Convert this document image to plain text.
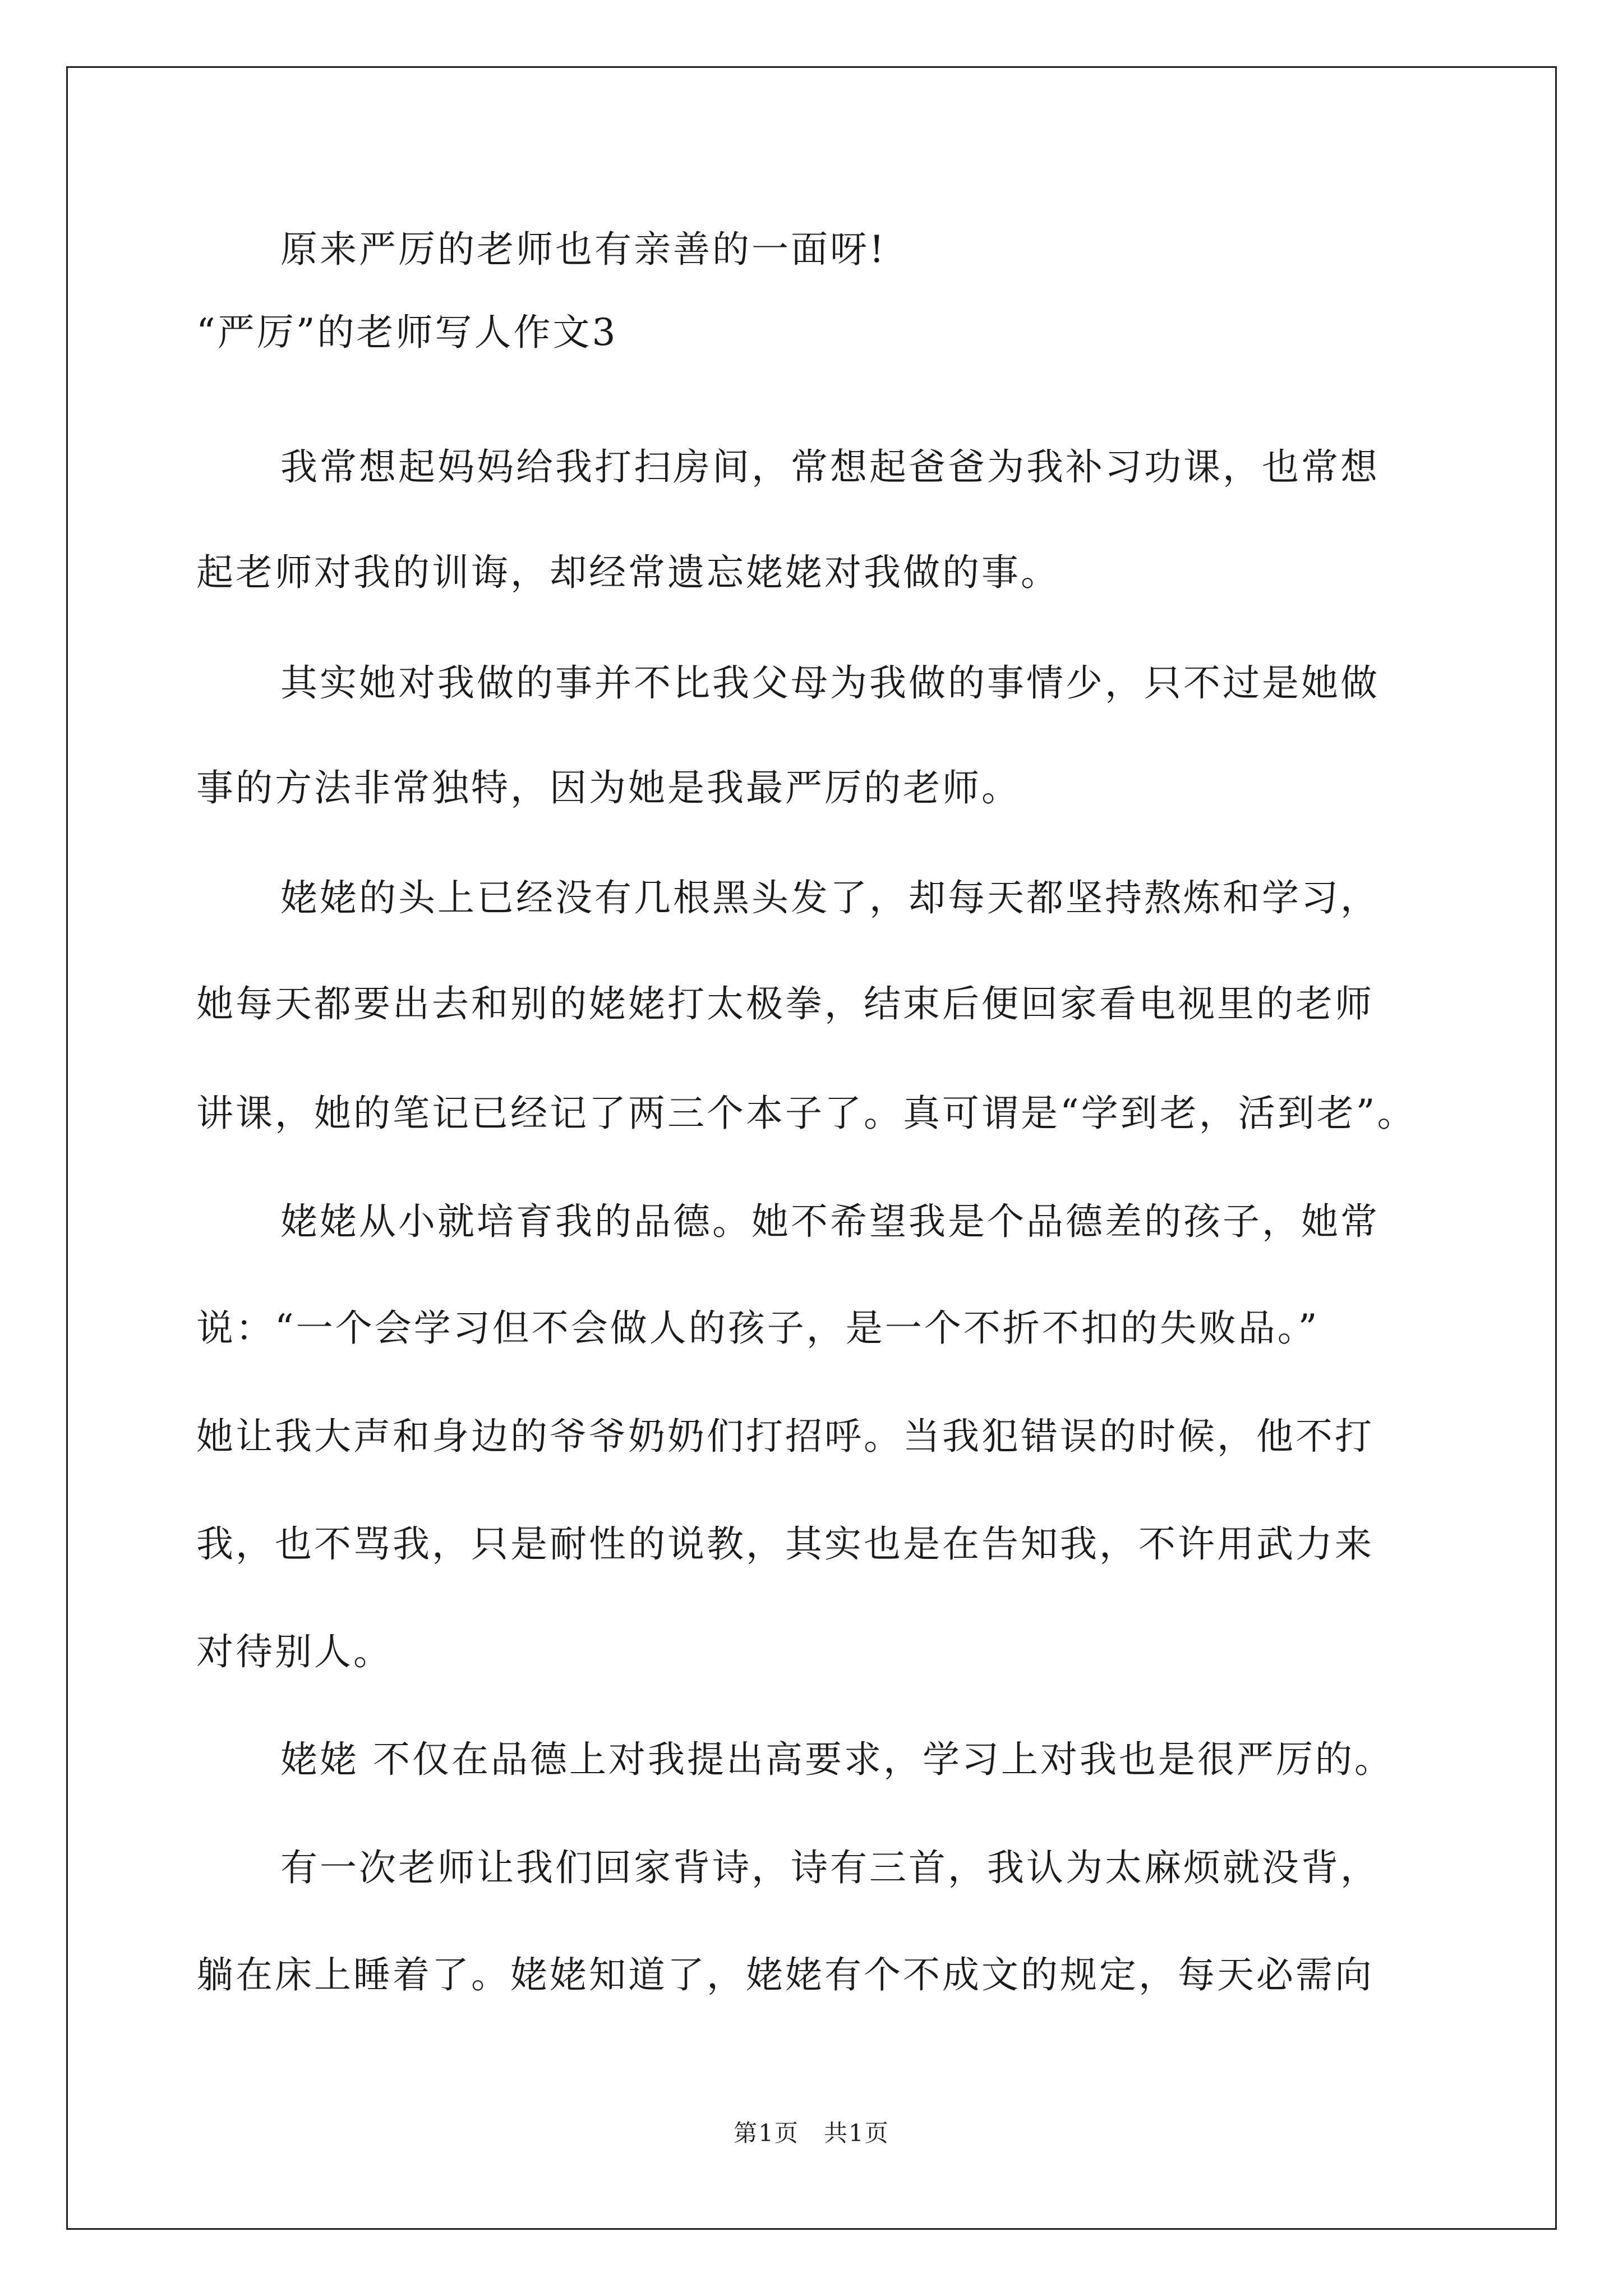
原来严厉的老师也有亲善的一面呀!

“严厉”的老师写人作文3

我常想起妈妈给我打扫房间，常想起爸爸为我补习功课，也常想

起老师对我的训诲，却经常遗忘姥姥对我做的事。

其实她对我做的事并不比我父母为我做的事情少，只不过是她做

事的方法非常独特，因为她是我最严厉的老师。

姥姥的头上已经没有几根黑头发了，却每天都坚持熬炼和学习，

她每天都要出去和别的姥姥打太极拳，结束后便回家看电视里的老师

讲课，她的笔记已经记了两三个本子了。真可谓是“学到老，活到老”。

姥姥从小就培育我的品德。她不希望我是个品德差的孩子，她常

说：“一个会学习但不会做人的孩子，是一个不折不扣的失败品。”

她让我大声和身边的爷爷奶奶们打招呼。当我犯错误的时候，他不打

我，也不骂我，只是耐性的说教，其实也是在告知我，不许用武力来

对待别人。

姥姥 不仅在品德上对我提出高要求，学习上对我也是很严厉的。

有一次老师让我们回家背诗，诗有三首，我认为太麻烦就没背，

躺在床上睡着了。姥姥知道了，姥姥有个不成文的规定，每天必需向

第1页　共1页
